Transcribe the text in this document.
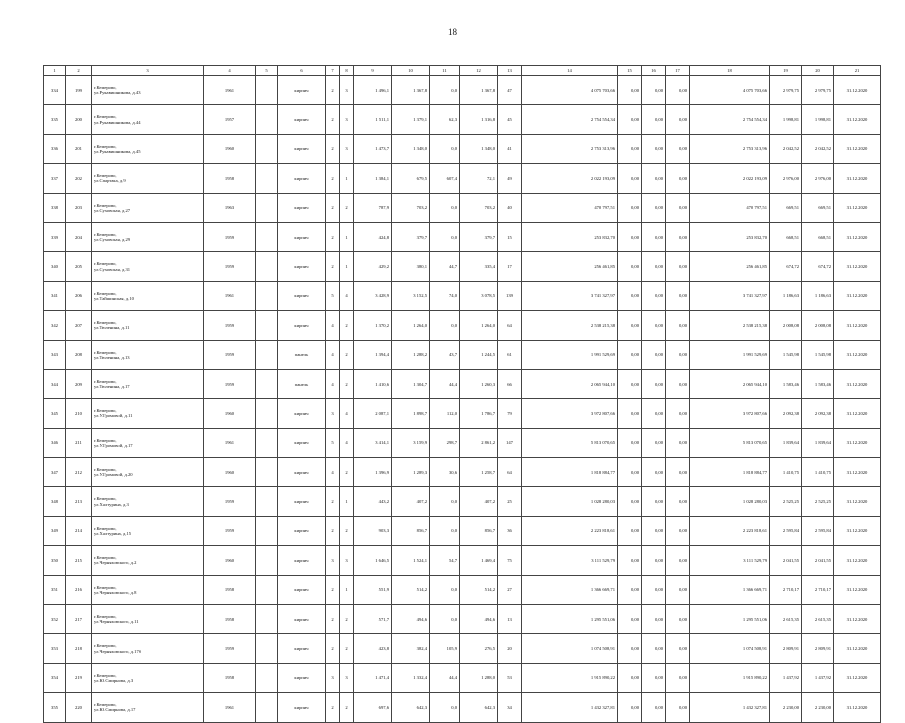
18
1	2	3	4	5	6	7	8	9	10	11	12	13	14	15	16	17	18	19	20	21
334	199	г.Кемерово,
ул.Рукавишникова, д.43	1961		кирпич	2	3	1 496,1	1 367,8	0,0	1 367,8	47	4 075 703,66	0,00	0,00	0,00	4 075 703,66	2 979,75	2 979,75	31.12.2020
335	200	г.Кемерово,
ул.Рукавишникова, д.44	1957		кирпич	2	3	1 511,1	1 379,1	62,3	1 316,8	45	2 754 554,34	0,00	0,00	0,00	2 754 554,34	1 998,81	1 998,81	31.12.2020
336	201	г.Кемерово,
ул.Рукавишникова, д.45	1960		кирпич	2	3	1 473,7	1 348,0	0,0	1 348,0	41	2 753 313,96	0,00	0,00	0,00	2 753 313,96	2 042,52	2 042,52	31.12.2020
337	202	г.Кемерово,
ул.Спартака, д.9	1958		кирпич	2	1	1 384,1	679,5	607,4	72,1	49	2 022 193,09	0,00	0,00	0,00	2 022 193,09	2 976,00	2 976,00	31.12.2020
338	203	г.Кемерово,
ул.Суховская, д.27	1963		кирпич	2	2	787,9	703,2	0,0	703,2	40	470 797,51	0,00	0,00	0,00	470 797,51	669,51	669,51	31.12.2020
339	204	г.Кемерово,
ул.Суховская, д.29	1959		кирпич	2	1	424,8	379,7	0,0	379,7	15	253 832,70	0,00	0,00	0,00	253 832,70	668,51	668,51	31.12.2020
340	205	г.Кемерово,
ул.Суховская, д.31	1959		кирпич	2	1	429,2	380,1	44,7	335,4	17	256 461,85	0,00	0,00	0,00	256 461,85	674,72	674,72	31.12.2020
341	206	г.Кемерово,
ул.Тайшинская, д.10	1961		кирпич	5	4	3 428,9	3 152,5	74,0	3 078,5	139	3 741 327,97	0,00	0,00	0,00	3 741 327,97	1 186,63	1 186,63	31.12.2020
342	207	г.Кемерово,
ул.Тюленина, д.11	1959		кирпич	4	2	1 370,2	1 264,0	0,0	1 264,0	64	2 538 215,38	0,00	0,00	0,00	2 538 215,38	2 008,08	2 008,08	31.12.2020
343	208	г.Кемерово,
ул.Тюленина, д.13	1959		панель	4	2	1 394,4	1 288,2	43,7	1 244,5	61	1 991 529,69	0,00	0,00	0,00	1 991 529,69	1 545,98	1 545,98	31.12.2020
344	209	г.Кемерово,
ул.Тюленина, д.17	1959		панель	4	2	1 410,6	1 304,7	44,4	1 260,3	66	2 065 944,10	0,00	0,00	0,00	2 065 944,10	1 583,46	1 583,46	31.12.2020
345	210	г.Кемерово,
ул.У.Громовой, д.11	1960		кирпич	3	4	2 087,1	1 898,7	112,0	1 786,7	79	3 972 807,66	0,00	0,00	0,00	3 972 807,66	2 092,38	2 092,38	31.12.2020
346	211	г.Кемерово,
ул.У.Громовой, д.17	1961		кирпич	5	4	3 414,1	3 159,9	298,7	2 861,2	147	5 813 070,65	0,00	0,00	0,00	5 813 070,65	1 839,64	1 839,64	31.12.2020
347	212	г.Кемерово,
ул.У.Громовой, д.20	1960		кирпич	4	2	1 396,9	1 289,3	30,6	1 258,7	64	1 818 884,77	0,00	0,00	0,00	1 818 884,77	1 410,75	1 410,75	31.12.2020
348	213	г.Кемерово,
ул.Халтурина, д.3	1959		кирпич	2	1	443,2	407,2	0,0	407,2	25	1 028 280,03	0,00	0,00	0,00	1 028 280,03	2 525,25	2 525,25	31.12.2020
349	214	г.Кемерово,
ул.Халтурина, д.15	1959		кирпич	2	2	903,3	856,7	0,0	856,7	36	2 223 818,61	0,00	0,00	0,00	2 223 818,61	2 595,84	2 595,84	31.12.2020
350	215	г.Кемерово,
ул.Черняховского, д.2	1960		кирпич	3	3	1 646,5	1 524,1	54,7	1 469,4	75	3 111 529,79	0,00	0,00	0,00	3 111 529,79	2 041,55	2 041,55	31.12.2020
351	216	г.Кемерово,
ул.Черняховского, д.8	1958		кирпич	2	1	551,9	514,2	0,0	514,2	27	1 366 669,71	0,00	0,00	0,00	1 366 669,71	2 710,17	2 710,17	31.12.2020
352	217	г.Кемерово,
ул.Черняховского, д.11	1958		кирпич	2	2	571,7	494,6	0,0	494,6	13	1 295 551,06	0,00	0,00	0,00	1 295 551,06	2 615,35	2 615,35	31.12.2020
353	218	г.Кемерово,
ул.Черняховского, д.17б	1959		кирпич	2	2	423,8	382,4	105,9	276,5	20	1 074 508,91	0,00	0,00	0,00	1 074 508,91	2 809,91	2 809,91	31.12.2020
354	219	г.Кемерово,
ул.Ю.Смирнова, д.3	1958		кирпич	3	3	1 471,4	1 332,4	44,4	1 288,0	53	1 915 890,22	0,00	0,00	0,00	1 915 890,22	1 437,92	1 437,92	31.12.2020
355	220	г.Кемерово,
ул.Ю.Смирнова, д.17	1961		кирпич	2	2	697,6	642,3	0,0	642,3	34	1 432 327,81	0,00	0,00	0,00	1 432 327,81	2 230,00	2 230,00	31.12.2020
